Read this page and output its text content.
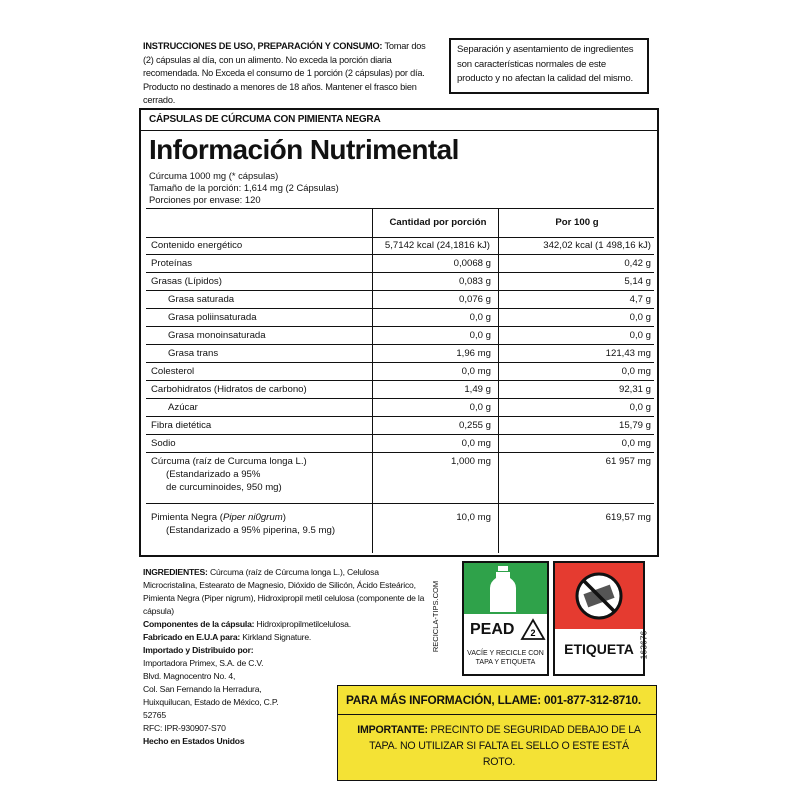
INSTRUCCIONES DE USO, PREPARACIÓN Y CONSUMO: Tomar dos (2) cápsulas al día, con un alimento. No exceda la porción diaria recomendada. No Exceda el consumo de 1 porción (2 cápsulas) por día. Producto no destinado a menores de 18 años. Mantener el frasco bien cerrado.
Separación y asentamiento de ingredientes son características normales de este producto y no afectan la calidad del mismo.
CÁPSULAS DE CÚRCUMA CON PIMIENTA NEGRA
Información Nutrimental
Cúrcuma 1000 mg (* cápsulas)
Tamaño de la porción: 1,614 mg (2 Cápsulas)
Porciones por envase: 120
Cantidad por porción	Por 100 g
Contenido energético	5,7142 kcal (24,1816 kJ)	342,02 kcal (1 498,16 kJ)
Proteínas	0,0068 g	0,42 g
Grasas (Lípidos)	0,083 g	5,14 g
Grasa saturada	0,076 g	4,7 g
Grasa poliinsaturada	0,0 g	0,0 g
Grasa monoinsaturada	0,0 g	0,0 g
Grasa trans	1,96 mg	121,43 mg
Colesterol	0,0 mg	0,0 mg
Carbohidratos (Hidratos de carbono)	1,49 g	92,31 g
Azúcar	0,0 g	0,0 g
Fibra dietética	0,255 g	15,79 g
Sodio	0,0 mg	0,0 mg
Cúrcuma (raíz de Curcuma longa L.)
(Estandarizado a 95%
de curcuminoides, 950 mg)
1,000 mg	61 957 mg
Pimienta Negra (Piper ni0grum)
(Estandarizado a 95% piperina, 9.5 mg)
10,0 mg	619,57 mg
INGREDIENTES: Cúrcuma (raíz de Cúrcuma longa L.), Celulosa Microcristalina, Estearato de Magnesio, Dióxido de Silicón, Ácido Esteárico, Pimienta Negra (Piper nigrum), Hidroxipropil metil celulosa (componente de la cápsula)
Componentes de la cápsula: Hidroxipropilmetilcelulosa.
Fabricado en E.U.A para: Kirkland Signature.
Importado y Distribuido por:
Importadora Primex, S.A. de C.V.
Blvd. Magnocentro No. 4,
Col. San Fernando la Herradura,
Huixquilucan, Estado de México, C.P.
52765
RFC: IPR-930907-S70
Hecho en Estados Unidos
RECICLA-TIPS.COM PEAD 2
VACÍE Y RECICLE CON TAPA Y ETIQUETA
ETIQUETA 163676
PARA MÁS INFORMACIÓN, LLAME: 001-877-312-8710.
IMPORTANTE: PRECINTO DE SEGURIDAD DEBAJO DE LA TAPA. NO UTILIZAR SI FALTA EL SELLO O ESTE ESTÁ ROTO.
